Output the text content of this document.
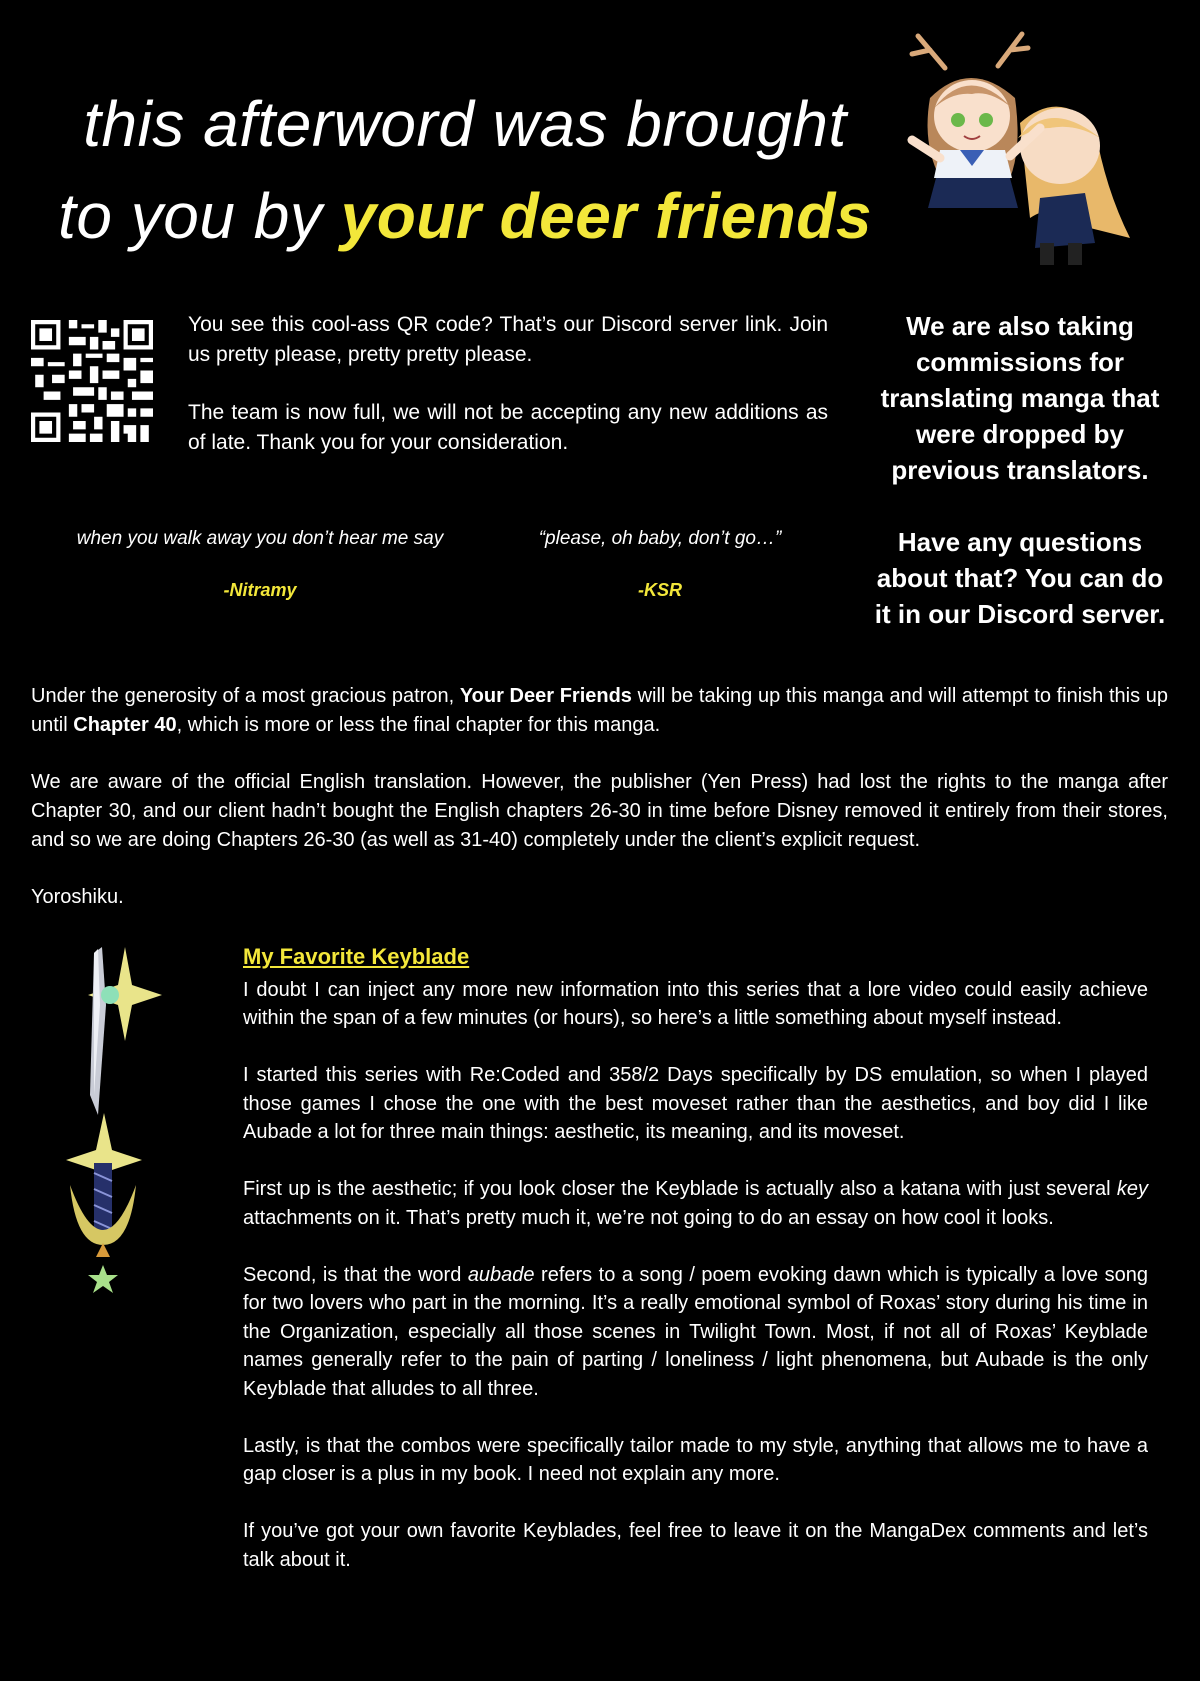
this afterword was brought
to you by your deer friends

You see this cool-ass QR code? That’s our Discord server link. Join us pretty please, pretty pretty please.

The team is now full, we will not be accepting any new additions as of late. Thank you for your consideration.

We are also taking commissions for translating manga that were dropped by previous translators.

Have any questions about that? You can do it in our Discord server.

when you walk away you don’t hear me say
-Nitramy
“please, oh baby, don’t go…”
-KSR

Under the generosity of a most gracious patron, Your Deer Friends will be taking up this manga and will attempt to finish this up until Chapter 40, which is more or less the final chapter for this manga.

We are aware of the official English translation. However, the publisher (Yen Press) had lost the rights to the manga after Chapter 30, and our client hadn’t bought the English chapters 26-30 in time before Disney removed it entirely from their stores, and so we are doing Chapters 26-30 (as well as 31-40) completely under the client’s explicit request.

Yoroshiku.

My Favorite Keyblade

I doubt I can inject any more new information into this series that a lore video could easily achieve within the span of a few minutes (or hours), so here’s a little something about myself instead.

I started this series with Re:Coded and 358/2 Days specifically by DS emulation, so when I played those games I chose the one with the best moveset rather than the aesthetics, and boy did I like Aubade a lot for three main things: aesthetic, its meaning, and its moveset.

First up is the aesthetic; if you look closer the Keyblade is actually also a katana with just several key attachments on it. That’s pretty much it, we’re not going to do an essay on how cool it looks.

Second, is that the word aubade refers to a song / poem evoking dawn which is typically a love song for two lovers who part in the morning. It’s a really emotional symbol of Roxas’ story during his time in the Organization, especially all those scenes in Twilight Town. Most, if not all of Roxas’ Keyblade names generally refer to the pain of parting / loneliness / light phenomena, but Aubade is the only Keyblade that alludes to all three.

Lastly, is that the combos were specifically tailor made to my style, anything that allows me to have a gap closer is a plus in my book. I need not explain any more.

If you’ve got your own favorite Keyblades, feel free to leave it on the MangaDex comments and let’s talk about it.
